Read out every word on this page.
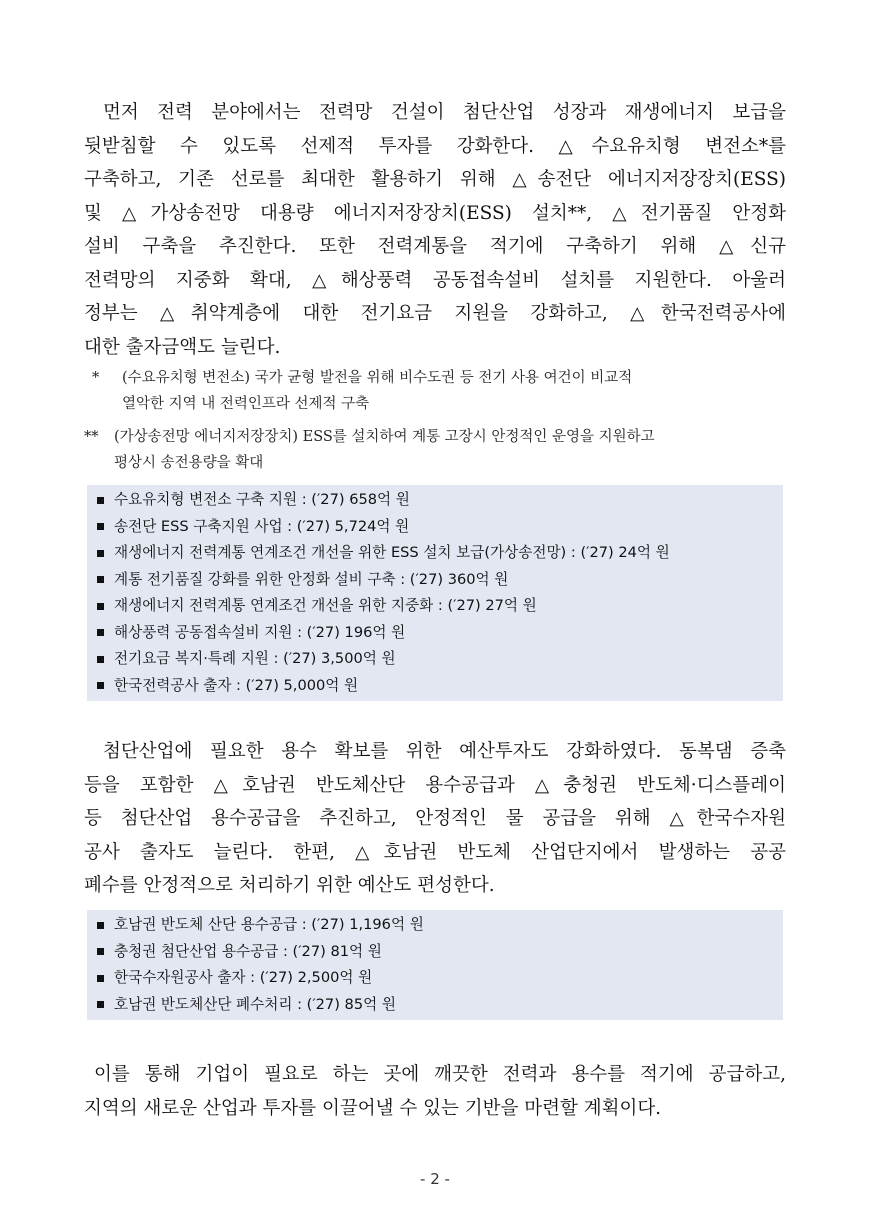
먼저 전력 분야에서는 전력망 건설이 첨단산업 성장과 재생에너지 보급을
뒷받침할 수 있도록 선제적 투자를 강화한다. △수요유치형 변전소*를
구축하고, 기존 선로를 최대한 활용하기 위해 △송전단 에너지저장장치(ESS)
및 △가상송전망 대용량 에너지저장장치(ESS) 설치**, △전기품질 안정화
설비 구축을 추진한다. 또한 전력계통을 적기에 구축하기 위해 △신규
전력망의 지중화 확대, △해상풍력 공동접속설비 설치를 지원한다. 아울러
정부는 △취약계층에 대한 전기요금 지원을 강화하고, △한국전력공사에
대한 출자금액도 늘린다.
*	(수요유치형 변전소) 국가 균형 발전을 위해 비수도권 등 전기 사용 여건이 비교적
열악한 지역 내 전력인프라 선제적 구축
**	(가상송전망 에너지저장장치) ESS를 설치하여 계통 고장시 안정적인 운영을 지원하고
평상시 송전용량을 확대
수요유치형 변전소 구축 지원 : (′27) 658억 원
송전단 ESS 구축지원 사업 : (′27) 5,724억 원
재생에너지 전력계통 연계조건 개선을 위한 ESS 설치 보급(가상송전망) : (′27) 24억 원
계통 전기품질 강화를 위한 안정화 설비 구축 : (′27) 360억 원
재생에너지 전력계통 연계조건 개선을 위한 지중화 : (′27) 27억 원
해상풍력 공동접속설비 지원 : (′27) 196억 원
전기요금 복지·특례 지원 : (′27) 3,500억 원
한국전력공사 출자 : (′27) 5,000억 원
첨단산업에 필요한 용수 확보를 위한 예산투자도 강화하였다. 동복댐 증축
등을 포함한 △호남권 반도체산단 용수공급과 △충청권 반도체·디스플레이
등 첨단산업 용수공급을 추진하고, 안정적인 물 공급을 위해 △한국수자원
공사 출자도 늘린다. 한편, △호남권 반도체 산업단지에서 발생하는 공공
폐수를 안정적으로 처리하기 위한 예산도 편성한다.
호남권 반도체 산단 용수공급 : (′27) 1,196억 원
충청권 첨단산업 용수공급 : (′27) 81억 원
한국수자원공사 출자 : (′27) 2,500억 원
호남권 반도체산단 폐수처리 : (′27) 85억 원
이를 통해 기업이 필요로 하는 곳에 깨끗한 전력과 용수를 적기에 공급하고,
지역의 새로운 산업과 투자를 이끌어낼 수 있는 기반을 마련할 계획이다.
- 2 -
